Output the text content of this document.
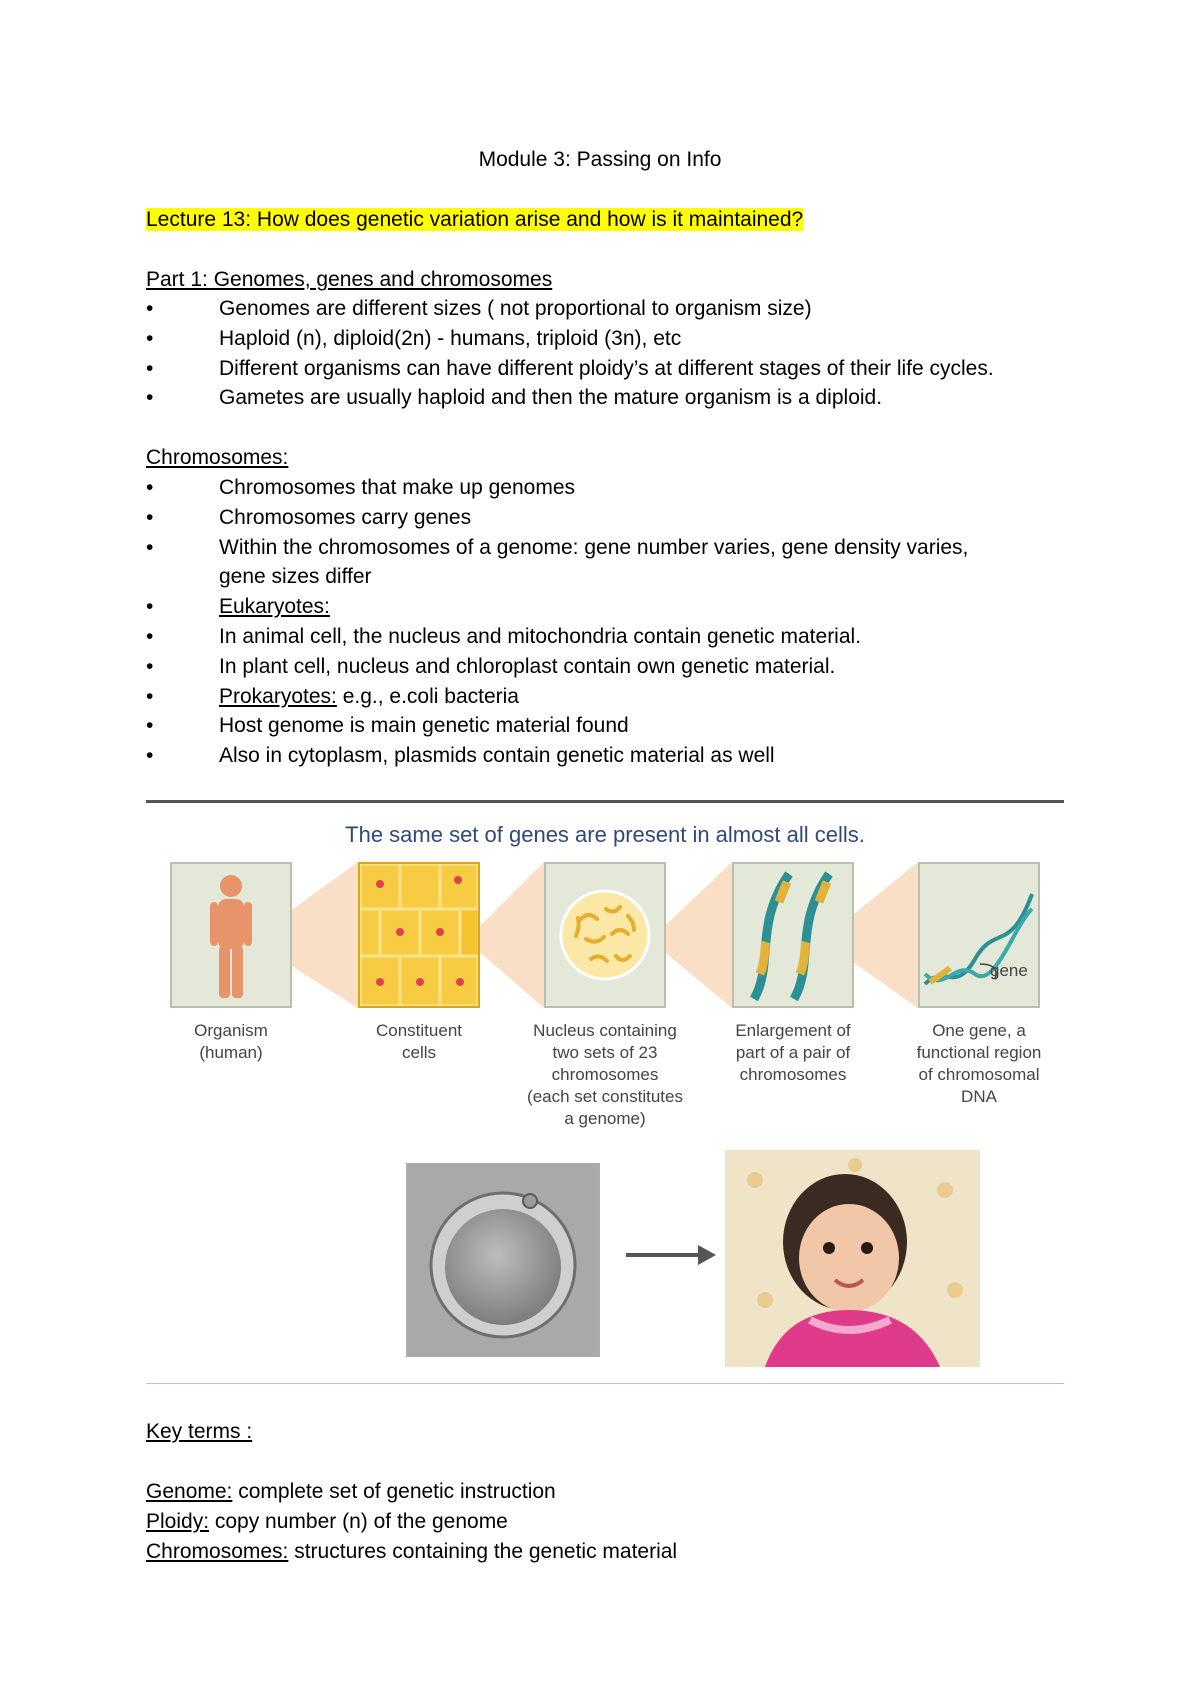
Module 3: Passing on Info
Lecture 13: How does genetic variation arise and how is it maintained?
Part 1: Genomes, genes and chromosomes
• Genomes are different sizes ( not proportional to organism size)
• Haploid (n), diploid(2n) - humans, triploid (3n), etc
• Different organisms can have different ploidy’s at different stages of their life cycles.
• Gametes are usually haploid and then the mature organism is a diploid.
Chromosomes:
• Chromosomes that make up genomes
• Chromosomes carry genes
• Within the chromosomes of a genome: gene number varies, gene density varies, gene sizes differ
• Eukaryotes:
• In animal cell, the nucleus and mitochondria contain genetic material.
• In plant cell, nucleus and chloroplast contain own genetic material.
• Prokaryotes: e.g., e.coli bacteria
• Host genome is main genetic material found
• Also in cytoplasm, plasmids contain genetic material as well
The same set of genes are present in almost all cells.
gene
Organism
(human)
Constituent
cells
Nucleus containing
two sets of 23
chromosomes
(each set constitutes
a genome)
Enlargement of
part of a pair of
chromosomes
One gene, a
functional region
of chromosomal
DNA
Key terms :
Genome: complete set of genetic instruction
Ploidy: copy number (n) of the genome
Chromosomes: structures containing the genetic material
